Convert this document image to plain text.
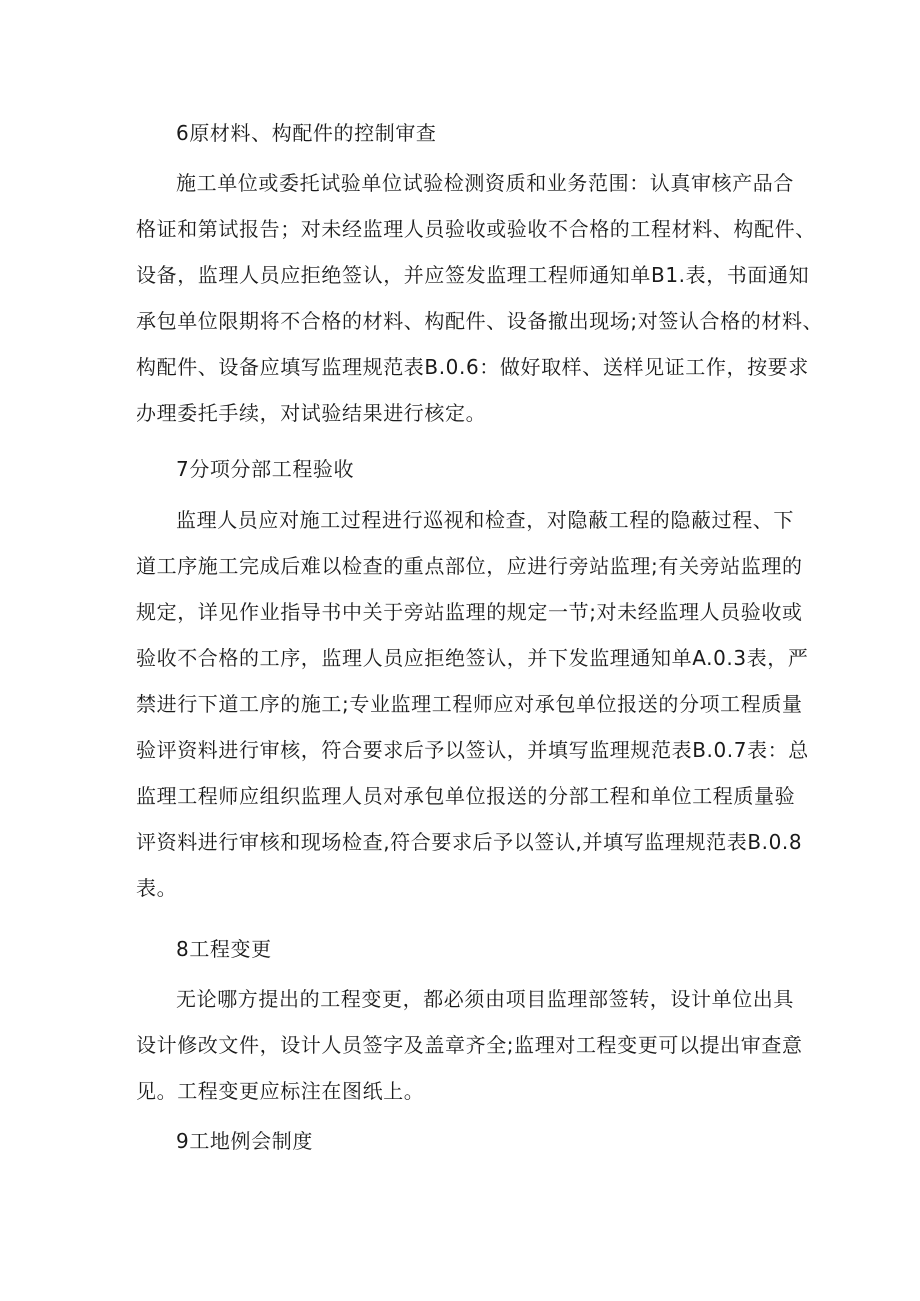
6原材料、构配件的控制审查
施工单位或委托试验单位试验检测资质和业务范围：认真审核产品合
格证和第试报告；对未经监理人员验收或验收不合格的工程材料、构配件、
设备，监理人员应拒绝签认，并应签发监理工程师通知单B1.表，书面通知
承包单位限期将不合格的材料、构配件、设备撤出现场;对签认合格的材料、
构配件、设备应填写监理规范表B.0.6：做好取样、送样见证工作，按要求
办理委托手续，对试验结果进行核定。
7分项分部工程验收
监理人员应对施工过程进行巡视和检查，对隐蔽工程的隐蔽过程、下
道工序施工完成后难以检查的重点部位，应进行旁站监理;有关旁站监理的
规定，详见作业指导书中关于旁站监理的规定一节;对未经监理人员验收或
验收不合格的工序，监理人员应拒绝签认，并下发监理通知单A.0.3表，严
禁进行下道工序的施工;专业监理工程师应对承包单位报送的分项工程质量
验评资料进行审核，符合要求后予以签认，并填写监理规范表B.0.7表：总
监理工程师应组织监理人员对承包单位报送的分部工程和单位工程质量验
评资料进行审核和现场检查,符合要求后予以签认,并填写监理规范表B.0.8
表。
8工程变更
无论哪方提出的工程变更，都必须由项目监理部签转，设计单位出具
设计修改文件，设计人员签字及盖章齐全;监理对工程变更可以提出审查意
见。工程变更应标注在图纸上。
9工地例会制度
